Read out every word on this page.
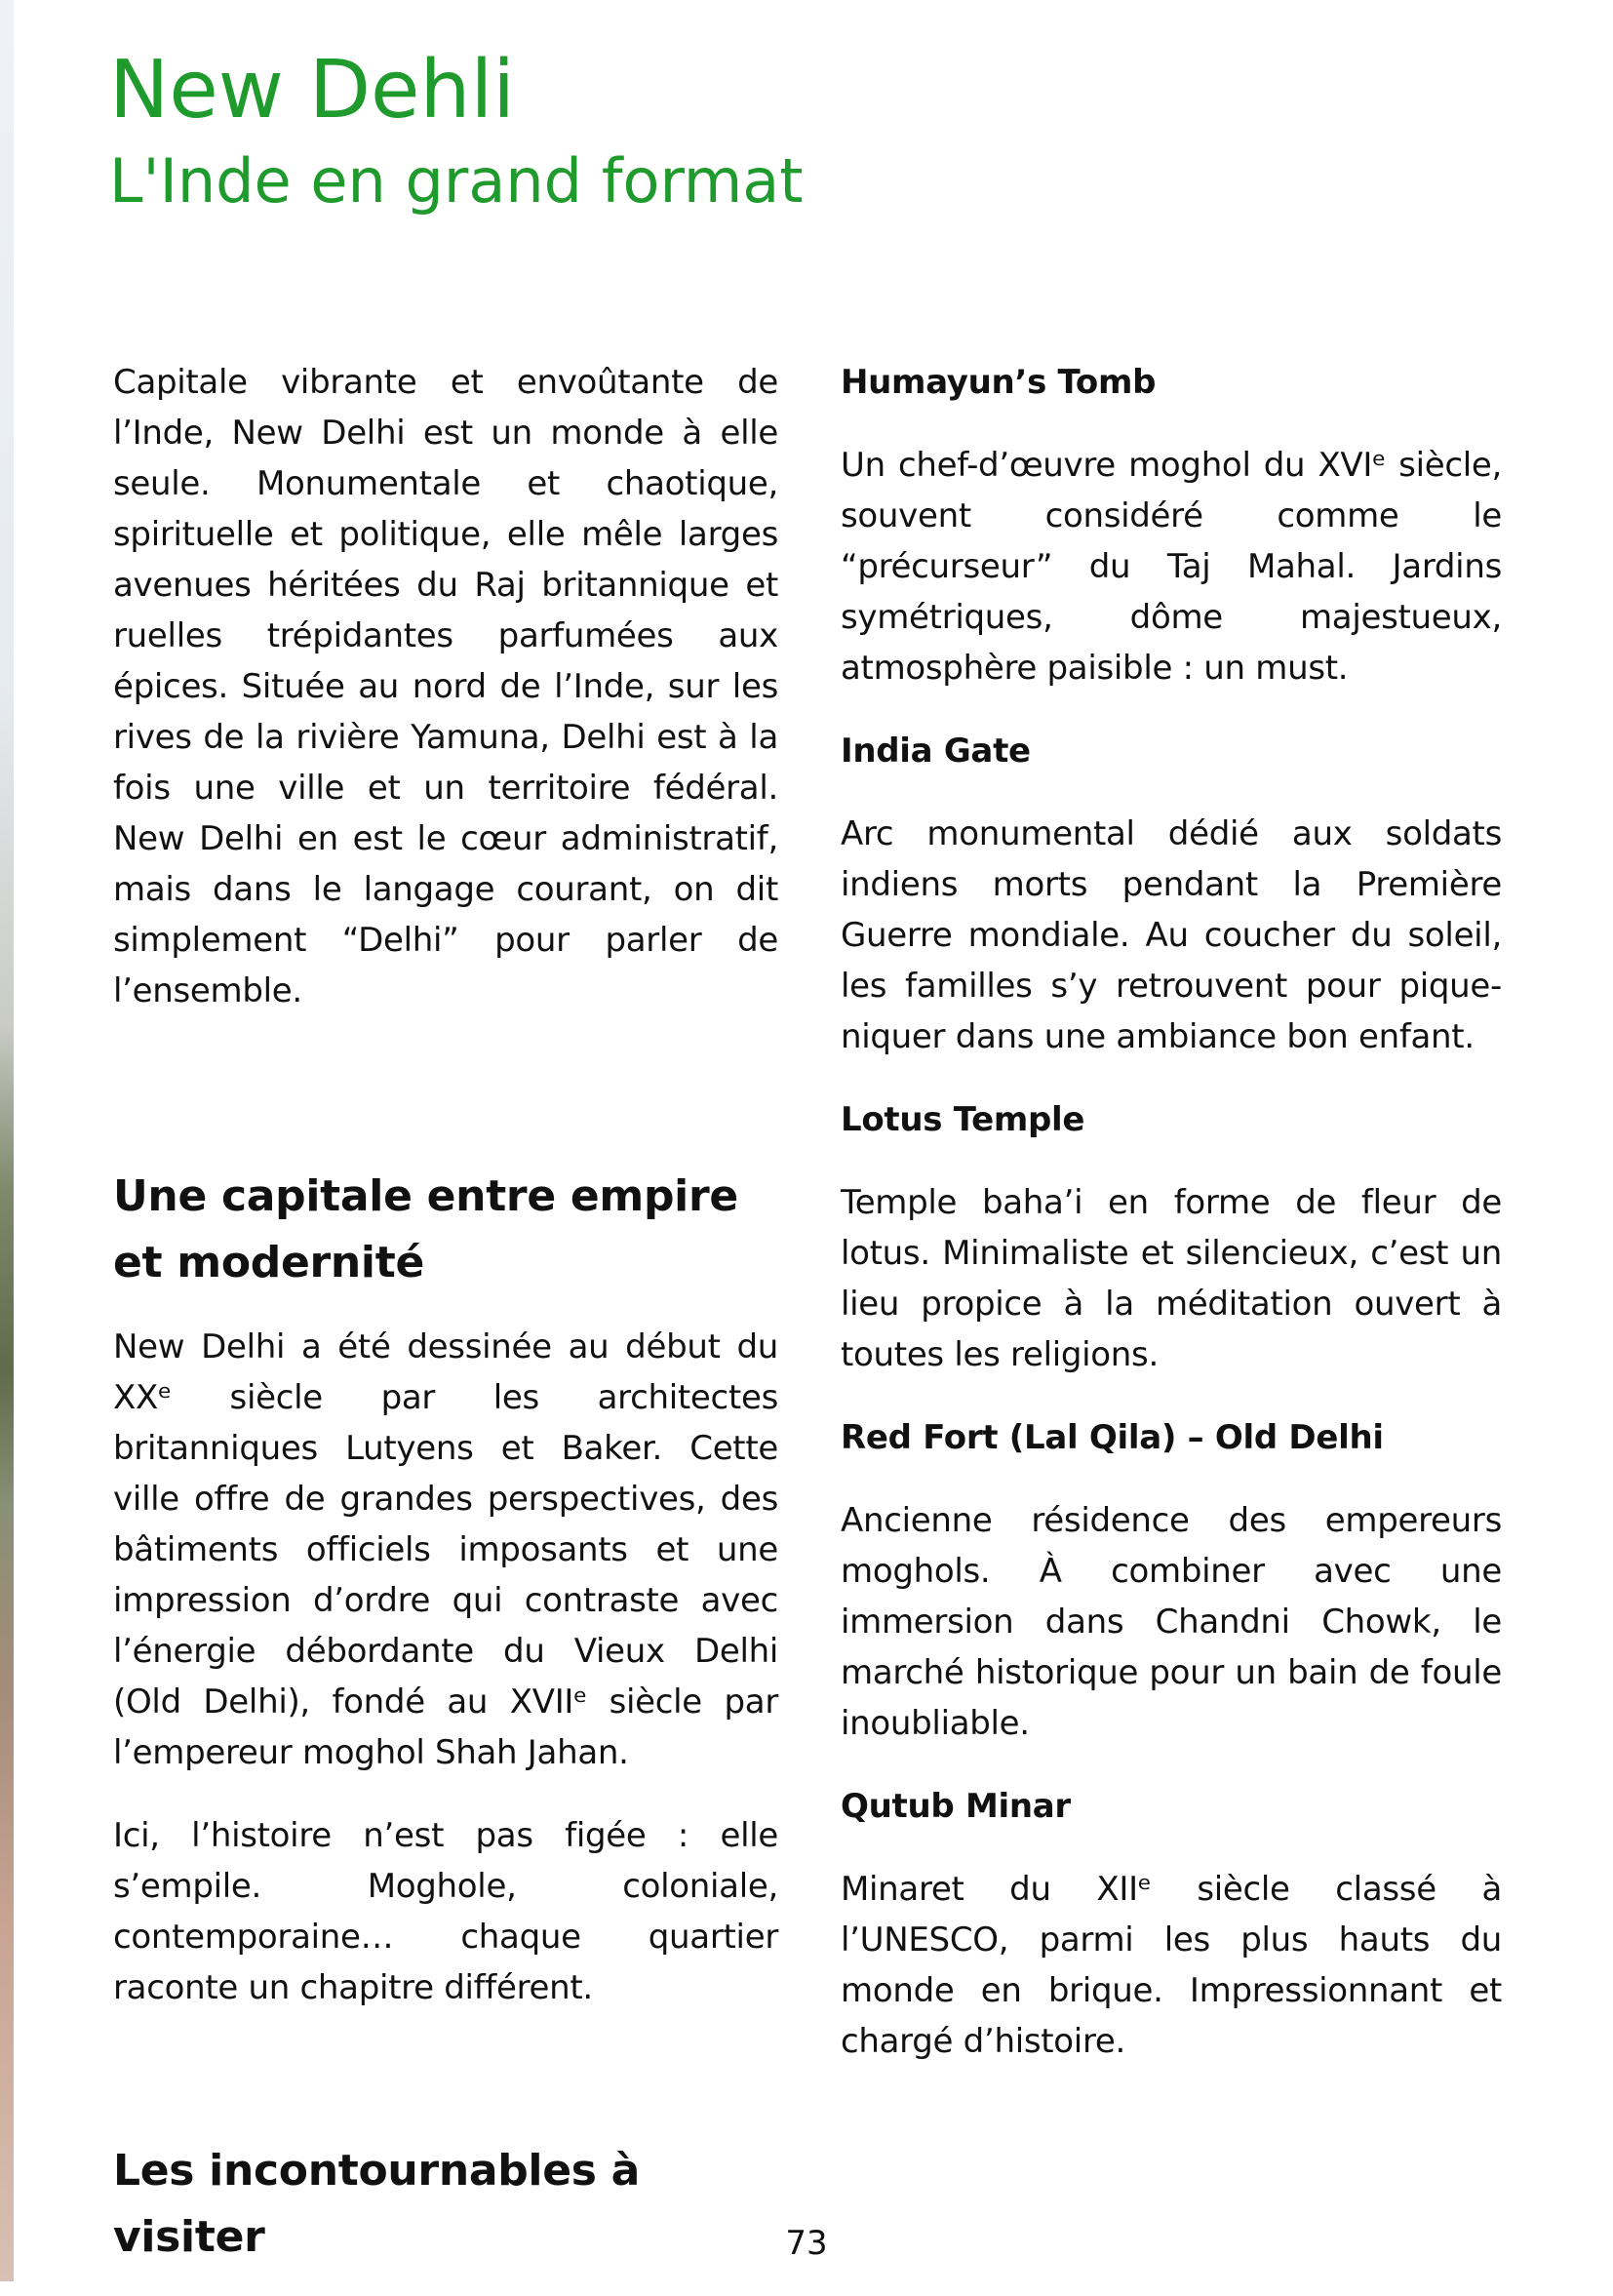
New Dehli
L'Inde en grand format

Capitale vibrante et envoûtante de l’Inde, New Delhi est un monde à elle seule. Monumentale et chaotique, spirituelle et politique, elle mêle larges avenues héritées du Raj britannique et ruelles trépidantes parfumées aux épices. Située au nord de l’Inde, sur les rives de la rivière Yamuna, Delhi est à la fois une ville et un territoire fédéral. New Delhi en est le cœur administratif, mais dans le langage courant, on dit simplement “Delhi” pour parler de l’ensemble.

Une capitale entre empire et modernité

New Delhi a été dessinée au début du XXᵉ siècle par les architectes britanniques Lutyens et Baker. Cette ville offre de grandes perspectives, des bâtiments officiels imposants et une impression d’ordre qui contraste avec l’énergie débordante du Vieux Delhi (Old Delhi), fondé au XVIIᵉ siècle par l’empereur moghol Shah Jahan.

Ici, l’histoire n’est pas figée : elle s’empile. Moghole, coloniale, contemporaine… chaque quartier raconte un chapitre différent.

Les incontournables à visiter
Humayun’s Tomb

Un chef-d’œuvre moghol du XVIᵉ siècle, souvent considéré comme le “précurseur” du Taj Mahal. Jardins symétriques, dôme majestueux, atmosphère paisible : un must.

India Gate

Arc monumental dédié aux soldats indiens morts pendant la Première Guerre mondiale. Au coucher du soleil, les familles s’y retrouvent pour pique-niquer dans une ambiance bon enfant.

Lotus Temple

Temple baha’i en forme de fleur de lotus. Minimaliste et silencieux, c’est un lieu propice à la méditation ouvert à toutes les religions.

Red Fort (Lal Qila) – Old Delhi

Ancienne résidence des empereurs moghols. À combiner avec une immersion dans Chandni Chowk, le marché historique pour un bain de foule inoubliable.

Qutub Minar

Minaret du XIIᵉ siècle classé à l’UNESCO, parmi les plus hauts du monde en brique. Impressionnant et chargé d’histoire.

73
